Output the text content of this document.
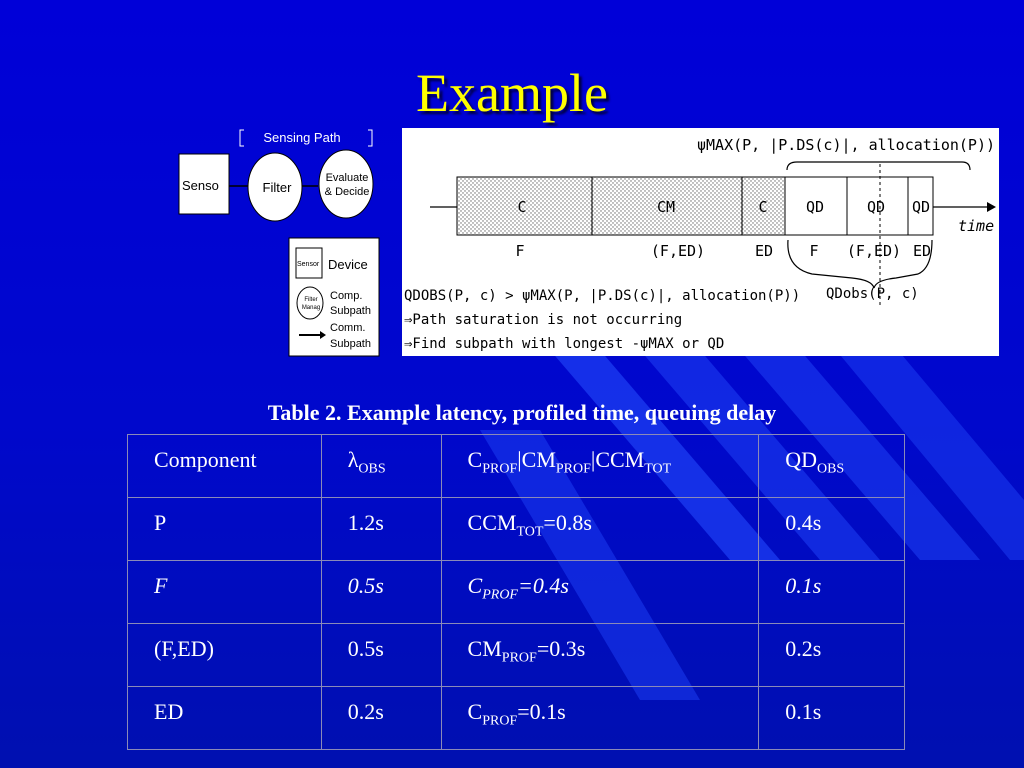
Example
Sensing Path
Senso	Filter
Evaluate
& Decide
Sensor Device
Filter
Manag
Comp.
Subpath
Comm.
Subpath
ψMAX(P, |P.DS(c)|, allocation(P))
time
C	CM	C	QD	QD QD
F	(F,ED)	ED F (F,ED) ED
QDobs(P, c)
QDOBS(P, c) > ψMAX(P, |P.DS(c)|, allocation(P))
⇒Path saturation is not occurring
⇒Find subpath with longest -ψMAX or QD
Table 2. Example latency, profiled time, queuing delay
Component	$\lambda_{OBS}$	$C_{PROF}|CM_{PROF}|CCM_{TOT}$	$QD_{OBS}$
P	1.2s	$CCM_{TOT}=0.8s$	0.4s
F	0.5s	$C_{PROF}=0.4s$	0.1s
(F,ED)	0.5s	$CM_{PROF}=0.3s$	0.2s
ED	0.2s	$C_{PROF}=0.1s$	0.1s
